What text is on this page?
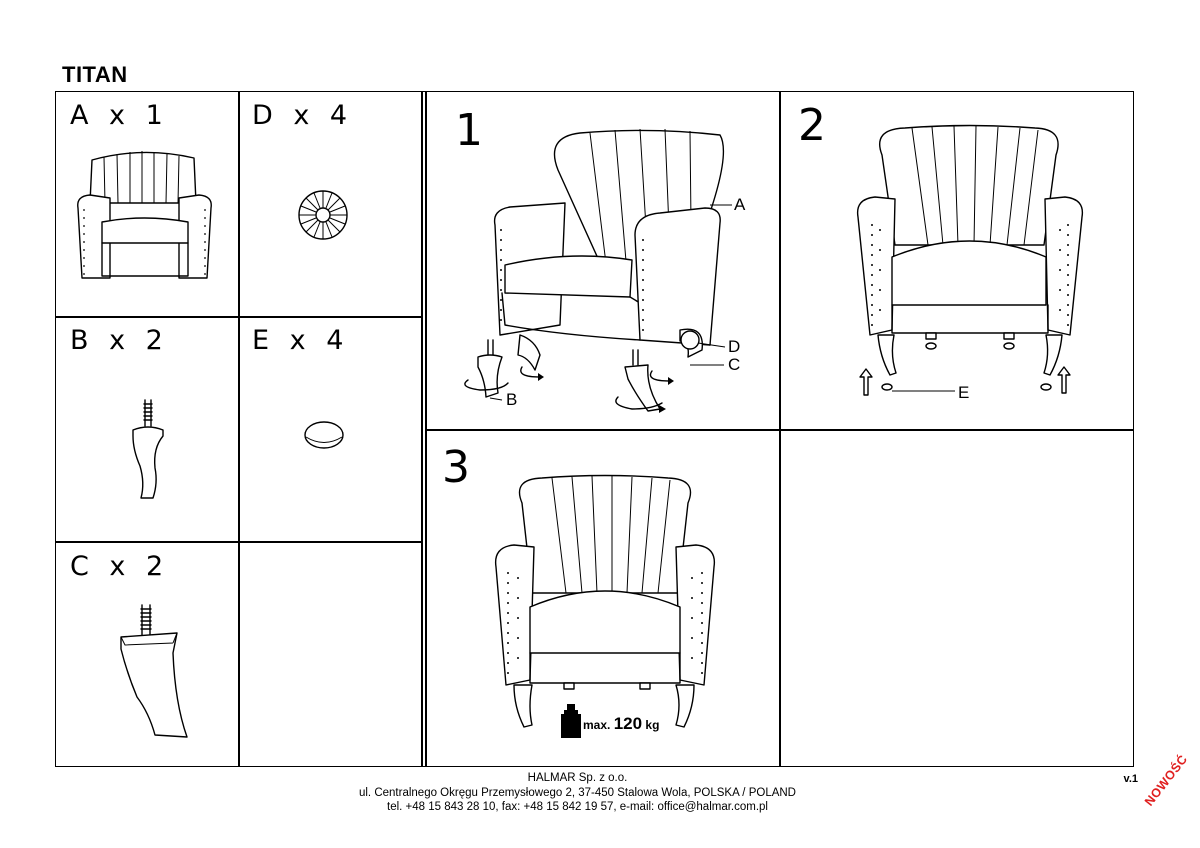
TITAN
A x 1	D x 4
B x 2	E x 4
C x 2
1	2
3
A
D
C
B	E
max. 120 kg
HALMAR Sp. z o.o.
ul. Centralnego Okręgu Przemysłowego 2, 37-450 Stalowa Wola, POLSKA / POLAND
tel. +48 15 843 28 10, fax: +48 15 842 19 57, e-mail: office@halmar.com.pl
v.1 NOWOŚĆ
